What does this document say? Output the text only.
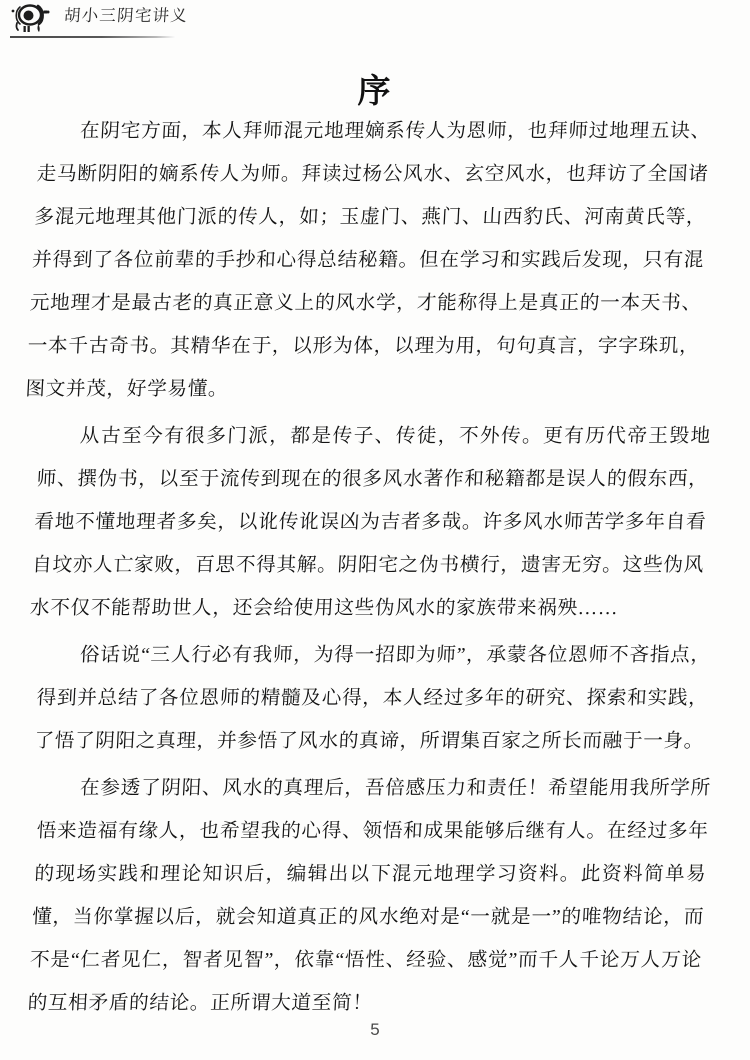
胡小三阴宅讲义
序

在阴宅方面，本人拜师混元地理嫡系传人为恩师，也拜师过地理五诀、走马断阴阳的嫡系传人为师。拜读过杨公风水、玄空风水，也拜访了全国诸多混元地理其他门派的传人，如；玉虚门、燕门、山西豹氏、河南黄氏等，并得到了各位前辈的手抄和心得总结秘籍。但在学习和实践后发现，只有混元地理才是最古老的真正意义上的风水学，才能称得上是真正的一本天书、一本千古奇书。其精华在于，以形为体，以理为用，句句真言，字字珠玑，图文并茂，好学易懂。

从古至今有很多门派，都是传子、传徒，不外传。更有历代帝王毁地师、撰伪书，以至于流传到现在的很多风水著作和秘籍都是误人的假东西，看地不懂地理者多矣，以讹传讹误凶为吉者多哉。许多风水师苦学多年自看自坟亦人亡家败，百思不得其解。阴阳宅之伪书横行，遗害无穷。这些伪风水不仅不能帮助世人，还会给使用这些伪风水的家族带来祸殃……

俗话说“三人行必有我师，为得一招即为师”，承蒙各位恩师不吝指点，得到并总结了各位恩师的精髓及心得，本人经过多年的研究、探索和实践，了悟了阴阳之真理，并参悟了风水的真谛，所谓集百家之所长而融于一身。

在参透了阴阳、风水的真理后，吾倍感压力和责任！希望能用我所学所悟来造福有缘人，也希望我的心得、领悟和成果能够后继有人。在经过多年的现场实践和理论知识后，编辑出以下混元地理学习资料。此资料简单易懂，当你掌握以后，就会知道真正的风水绝对是“一就是一”的唯物结论，而不是“仁者见仁，智者见智”，依靠“悟性、经验、感觉”而千人千论万人万论的互相矛盾的结论。正所谓大道至简！

5
